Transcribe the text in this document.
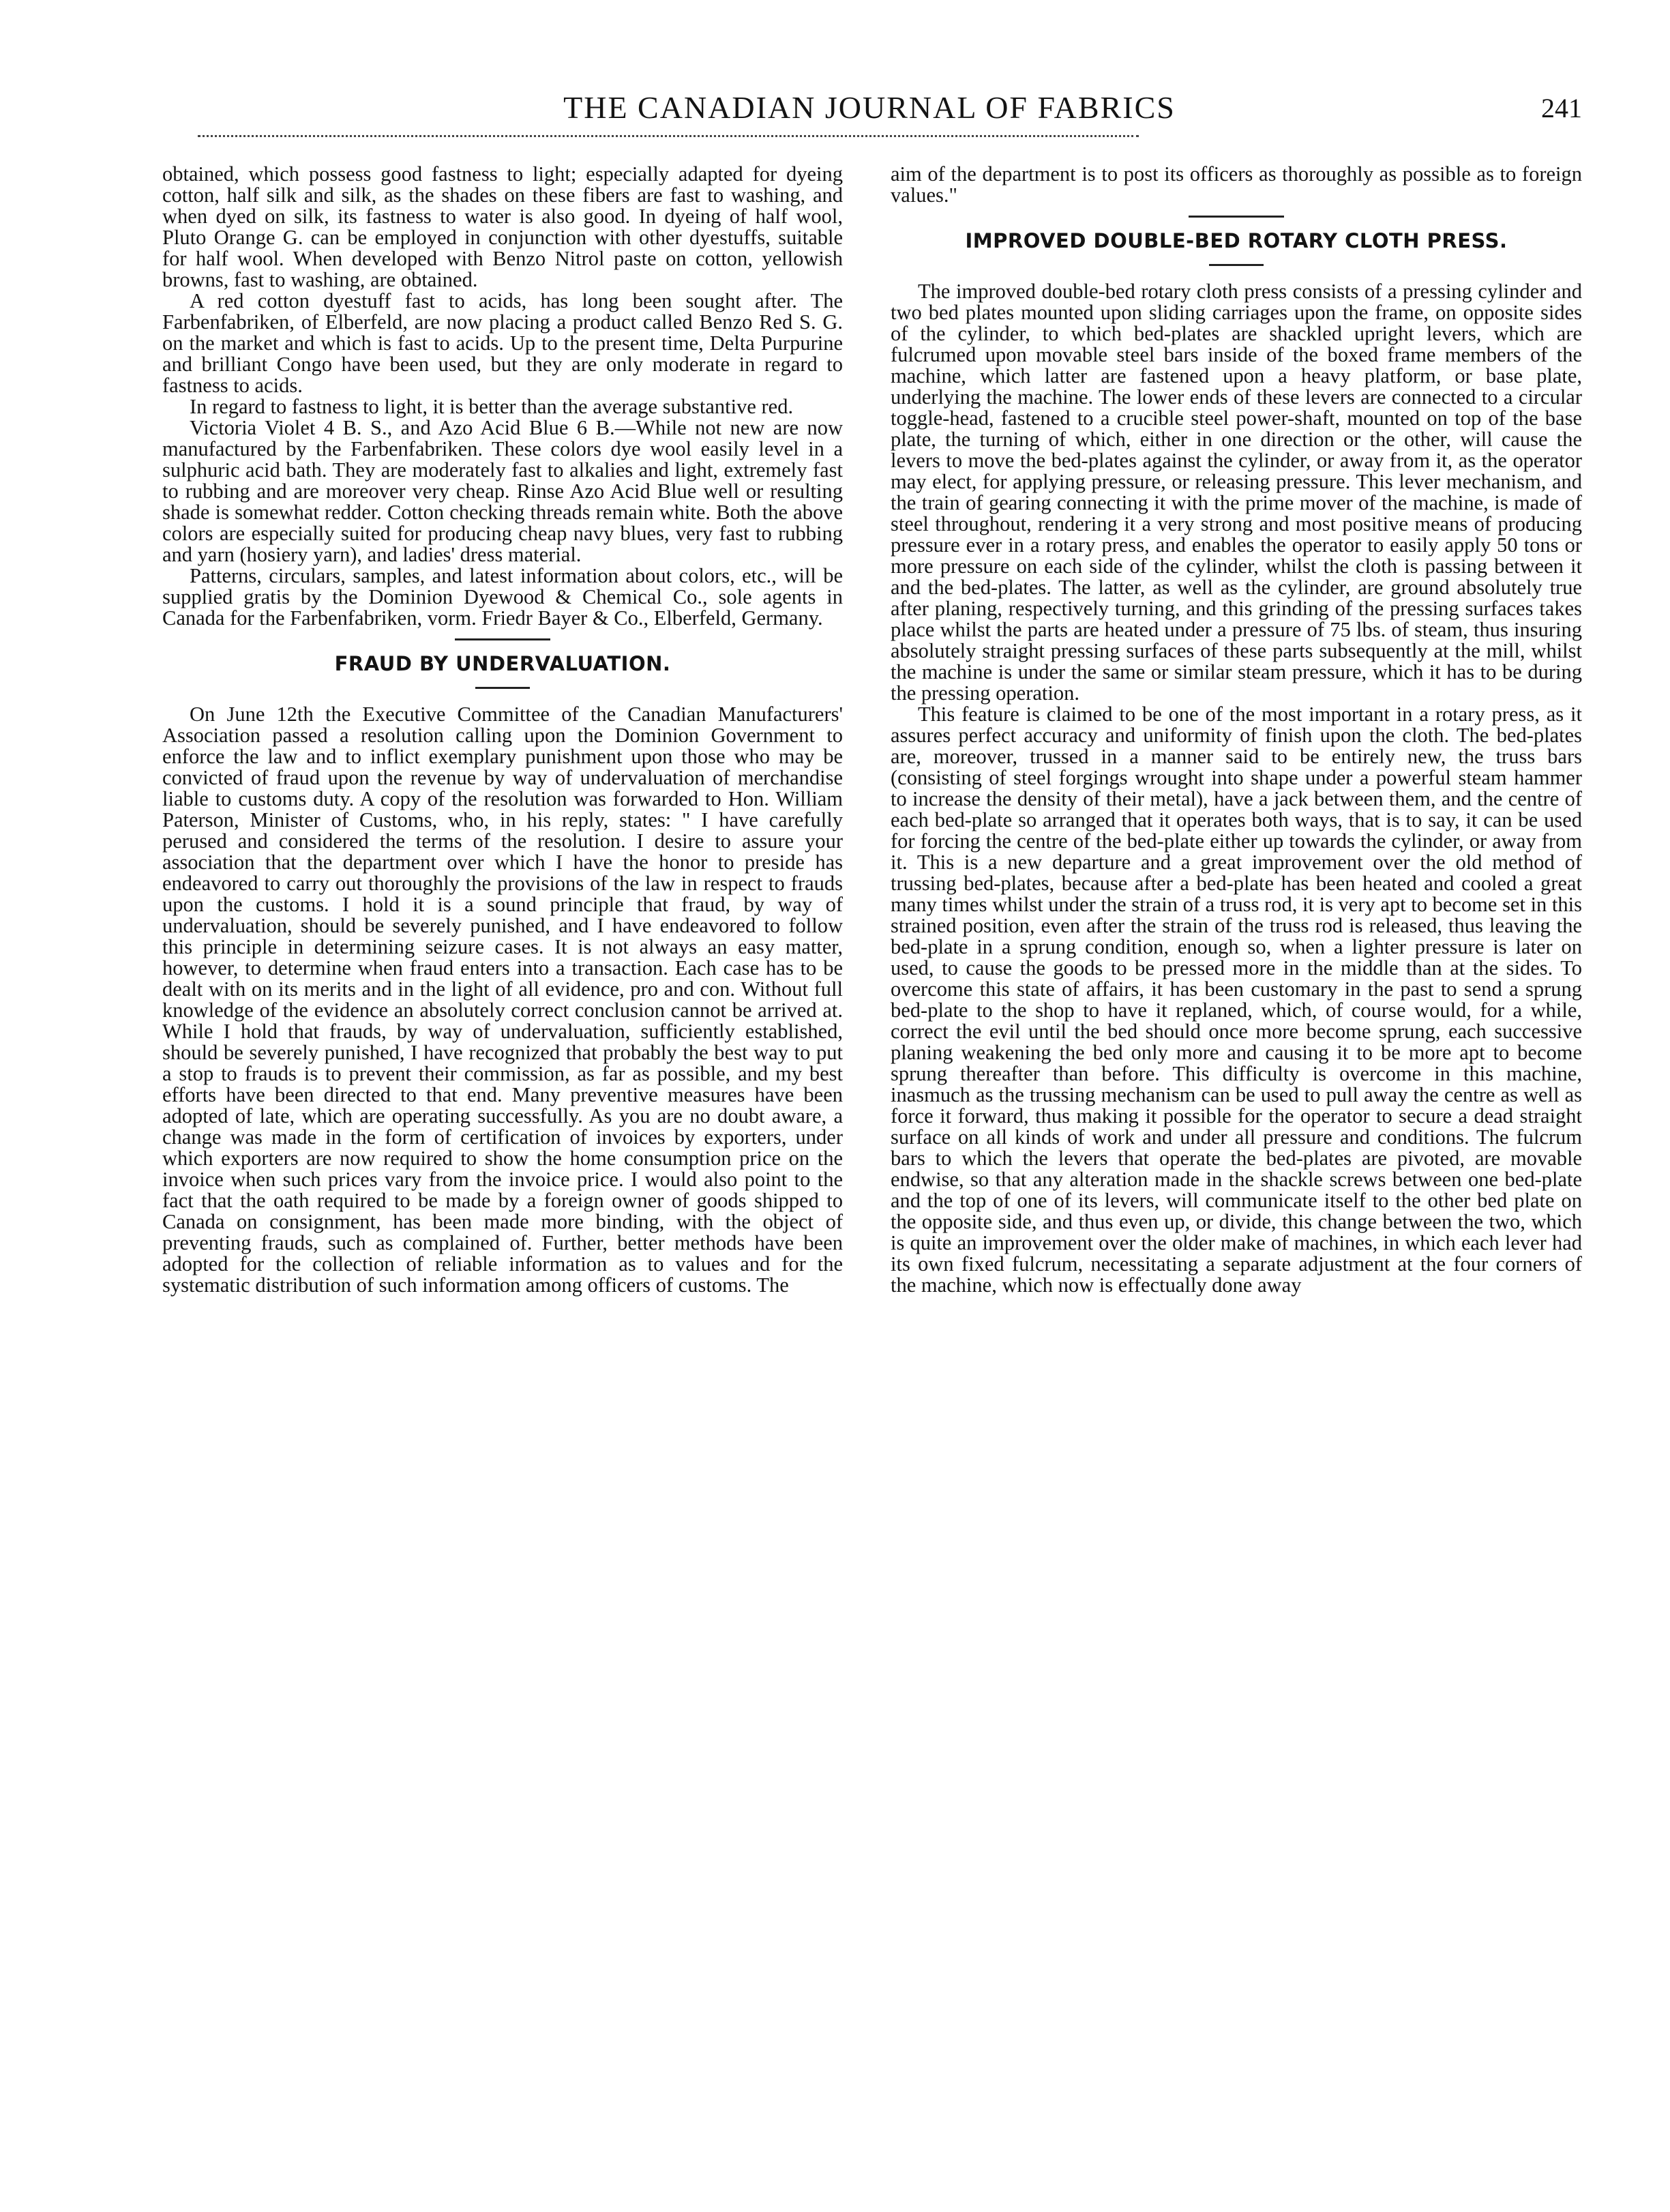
THE CANADIAN JOURNAL OF FABRICS	241

obtained, which possess good fastness to light; especially adapted for dyeing cotton, half silk and silk, as the shades on these fibers are fast to washing, and when dyed on silk, its fastness to water is also good. In dyeing of half wool, Pluto Orange G. can be employed in conjunction with other dyestuffs, suitable for half wool. When developed with Benzo Nitrol paste on cotton, yellowish browns, fast to washing, are obtained.

A red cotton dyestuff fast to acids, has long been sought after. The Farbenfabriken, of Elberfeld, are now placing a product called Benzo Red S. G. on the market and which is fast to acids. Up to the present time, Delta Purpurine and brilliant Congo have been used, but they are only moderate in regard to fastness to acids.

In regard to fastness to light, it is better than the average substantive red.

Victoria Violet 4 B. S., and Azo Acid Blue 6 B.—While not new are now manufactured by the Farbenfabriken. These colors dye wool easily level in a sulphuric acid bath. They are moderately fast to alkalies and light, extremely fast to rubbing and are moreover very cheap. Rinse Azo Acid Blue well or resulting shade is somewhat redder. Cotton checking threads remain white. Both the above colors are especially suited for producing cheap navy blues, very fast to rubbing and yarn (hosiery yarn), and ladies' dress material.

Patterns, circulars, samples, and latest information about colors, etc., will be supplied gratis by the Dominion Dyewood & Chemical Co., sole agents in Canada for the Farbenfabriken, vorm. Friedr Bayer & Co., Elberfeld, Germany.

FRAUD BY UNDERVALUATION.

On June 12th the Executive Committee of the Canadian Manufacturers' Association passed a resolution calling upon the Dominion Government to enforce the law and to inflict exemplary punishment upon those who may be convicted of fraud upon the revenue by way of undervaluation of merchandise liable to customs duty. A copy of the resolution was forwarded to Hon. William Paterson, Minister of Customs, who, in his reply, states: " I have carefully perused and considered the terms of the resolution. I desire to assure your association that the department over which I have the honor to preside has endeavored to carry out thoroughly the provisions of the law in respect to frauds upon the customs. I hold it is a sound principle that fraud, by way of undervaluation, should be severely punished, and I have endeavored to follow this principle in determining seizure cases. It is not always an easy matter, however, to determine when fraud enters into a transaction. Each case has to be dealt with on its merits and in the light of all evidence, pro and con. Without full knowledge of the evidence an absolutely correct conclusion cannot be arrived at. While I hold that frauds, by way of undervaluation, sufficiently established, should be severely punished, I have recognized that probably the best way to put a stop to frauds is to prevent their commission, as far as possible, and my best efforts have been directed to that end. Many preventive measures have been adopted of late, which are operating successfully. As you are no doubt aware, a change was made in the form of certification of invoices by exporters, under which exporters are now required to show the home consumption price on the invoice when such prices vary from the invoice price. I would also point to the fact that the oath required to be made by a foreign owner of goods shipped to Canada on consignment, has been made more binding, with the object of preventing frauds, such as complained of. Further, better methods have been adopted for the collection of reliable information as to values and for the systematic distribution of such information among officers of customs. The

aim of the department is to post its officers as thoroughly as possible as to foreign values."

IMPROVED DOUBLE-BED ROTARY CLOTH PRESS.

The improved double-bed rotary cloth press consists of a pressing cylinder and two bed plates mounted upon sliding carriages upon the frame, on opposite sides of the cylinder, to which bed-plates are shackled upright levers, which are fulcrumed upon movable steel bars inside of the boxed frame members of the machine, which latter are fastened upon a heavy platform, or base plate, underlying the machine. The lower ends of these levers are connected to a circular toggle-head, fastened to a crucible steel power-shaft, mounted on top of the base plate, the turning of which, either in one direction or the other, will cause the levers to move the bed-plates against the cylinder, or away from it, as the operator may elect, for applying pressure, or releasing pressure. This lever mechanism, and the train of gearing connecting it with the prime mover of the machine, is made of steel throughout, rendering it a very strong and most positive means of producing pressure ever in a rotary press, and enables the operator to easily apply 50 tons or more pressure on each side of the cylinder, whilst the cloth is passing between it and the bed-plates. The latter, as well as the cylinder, are ground absolutely true after planing, respectively turning, and this grinding of the pressing surfaces takes place whilst the parts are heated under a pressure of 75 lbs. of steam, thus insuring absolutely straight pressing surfaces of these parts subsequently at the mill, whilst the machine is under the same or similar steam pressure, which it has to be during the pressing operation.

This feature is claimed to be one of the most important in a rotary press, as it assures perfect accuracy and uniformity of finish upon the cloth. The bed-plates are, moreover, trussed in a manner said to be entirely new, the truss bars (consisting of steel forgings wrought into shape under a powerful steam hammer to increase the density of their metal), have a jack between them, and the centre of each bed-plate so arranged that it operates both ways, that is to say, it can be used for forcing the centre of the bed-plate either up towards the cylinder, or away from it. This is a new departure and a great improvement over the old method of trussing bed-plates, because after a bed-plate has been heated and cooled a great many times whilst under the strain of a truss rod, it is very apt to become set in this strained position, even after the strain of the truss rod is released, thus leaving the bed-plate in a sprung condition, enough so, when a lighter pressure is later on used, to cause the goods to be pressed more in the middle than at the sides. To overcome this state of affairs, it has been customary in the past to send a sprung bed-plate to the shop to have it replaned, which, of course would, for a while, correct the evil until the bed should once more become sprung, each successive planing weakening the bed only more and causing it to be more apt to become sprung thereafter than before. This difficulty is overcome in this machine, inasmuch as the trussing mechanism can be used to pull away the centre as well as force it forward, thus making it possible for the operator to secure a dead straight surface on all kinds of work and under all pressure and conditions. The fulcrum bars to which the levers that operate the bed-plates are pivoted, are movable endwise, so that any alteration made in the shackle screws between one bed-plate and the top of one of its levers, will communicate itself to the other bed plate on the opposite side, and thus even up, or divide, this change between the two, which is quite an improvement over the older make of machines, in which each lever had its own fixed fulcrum, necessitating a separate adjustment at the four corners of the machine, which now is effectually done away
